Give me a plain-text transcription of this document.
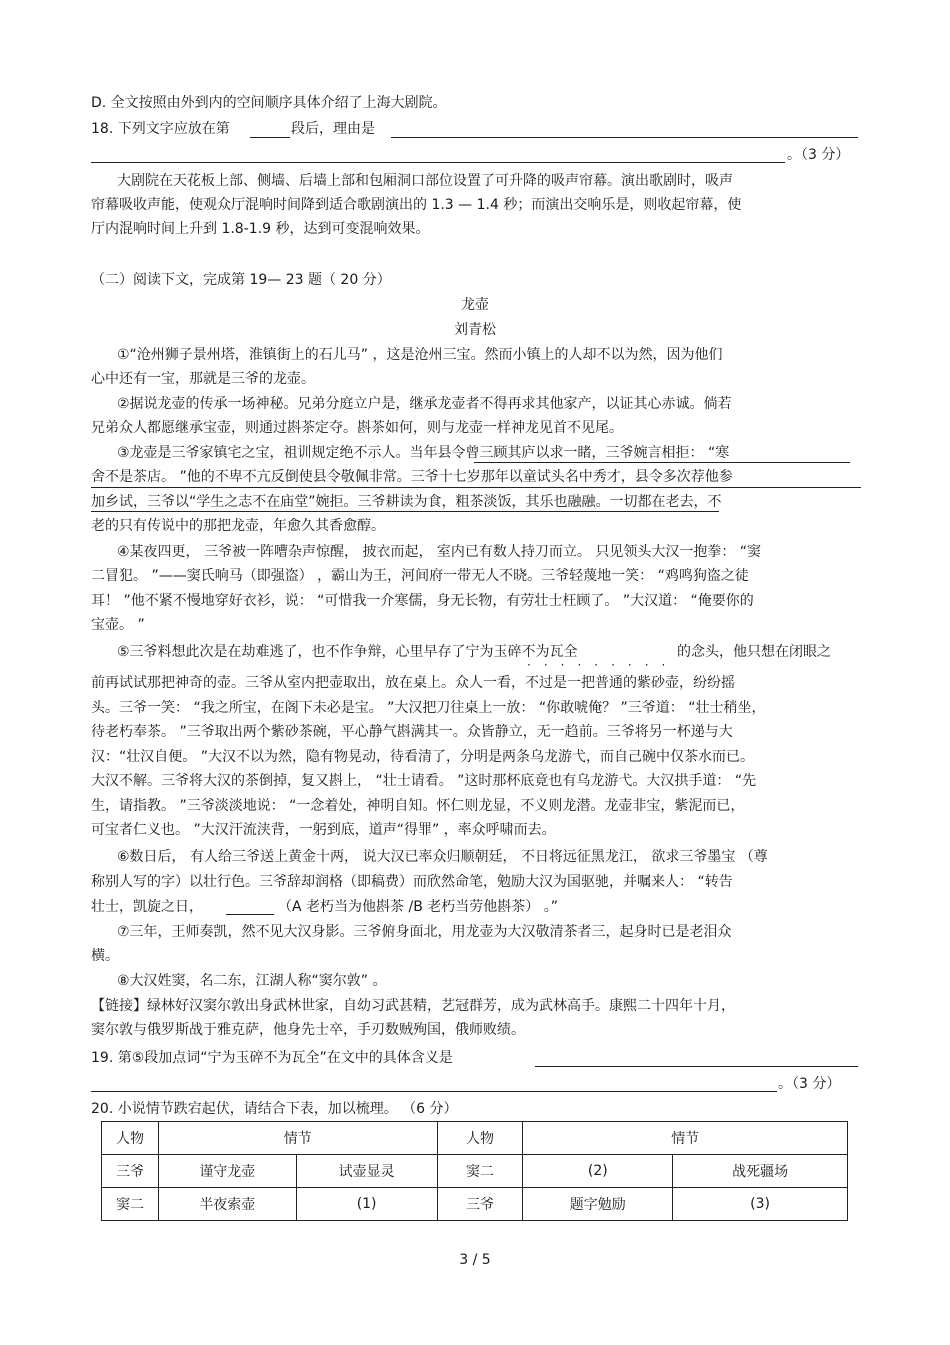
D. 全文按照由外到内的空间顺序具体介绍了上海大剧院。
18. 下列文字应放在第	段后，理由是
。（3 分）
大剧院在天花板上部、侧墙、后墙上部和包厢洞口部位设置了可升降的吸声帘幕。演出歌剧时，吸声
帘幕吸收声能，使观众厅混响时间降到适合歌剧演出的 1.3 — 1.4 秒；而演出交响乐是，则收起帘幕，使
厅内混响时间上升到 1.8-1.9 秒，达到可变混响效果。
（二）阅读下文，完成第 19— 23 题（ 20 分）
龙壶
刘青松
①“沧州狮子景州塔，淮镇街上的石儿马” ，这是沧州三宝。然而小镇上的人却不以为然，因为他们
心中还有一宝，那就是三爷的龙壶。
②据说龙壶的传承一场神秘。兄弟分庭立户是，继承龙壶者不得再求其他家产，以证其心赤诚。倘若
兄弟众人都愿继承宝壶，则通过斟茶定夺。斟茶如何，则与龙壶一样神龙见首不见尾。
③龙壶是三爷家镇宅之宝，祖训规定绝不示人。当年县令曾三顾其庐以求一睹，三爷婉言相拒： “寒
舍不是茶店。 ”他的不卑不亢反倒使县令敬佩非常。三爷十七岁那年以童试头名中秀才，县令多次荐他参
加乡试，三爷以“学生之志不在庙堂”婉拒。三爷耕读为食，粗茶淡饭，其乐也融融。一切都在老去，不
老的只有传说中的那把龙壶，年愈久其香愈醇。
④某夜四更， 三爷被一阵嘈杂声惊醒， 披衣而起， 室内已有数人持刀而立。 只见领头大汉一抱拳： “窦
二冒犯。 ”——窦氏响马（即强盗） ，霸山为王，河间府一带无人不晓。三爷轻蔑地一笑： “鸡鸣狗盗之徒
耳！ ”他不紧不慢地穿好衣衫，说： “可惜我一介寒儒，身无长物，有劳壮士枉顾了。 ”大汉道： “俺要你的
宝壶。 ”
⑤三爷料想此次是在劫难逃了，也不作争辩，心里早存了宁为玉碎不为瓦全	的念头，他只想在闭眼之
·········
前再试试那把神奇的壶。三爷从室内把壶取出，放在桌上。众人一看，不过是一把普通的紫砂壶，纷纷摇
头。三爷一笑： “我之所宝，在阁下未必是宝。 ”大汉把刀往桌上一放： “你敢唬俺？ ”三爷道： “壮士稍坐，
待老朽奉茶。 ”三爷取出两个紫砂茶碗，平心静气斟满其一。众皆静立，无一趋前。三爷将另一杯递与大
汉：“壮汉自便。 ”大汉不以为然，隐有物晃动，待看清了，分明是两条乌龙游弋，而自己碗中仅茶水而已。
大汉不解。三爷将大汉的茶倒掉，复又斟上， “壮士请看。 ”这时那杯底竟也有乌龙游弋。大汉拱手道： “先
生，请指教。 ”三爷淡淡地说： “一念着处，神明自知。怀仁则龙显，不义则龙潜。龙壶非宝，紫泥而已，
可宝者仁义也。 ”大汉汗流浃背，一躬到底，道声“得罪” ，率众呼啸而去。
⑥数日后， 有人给三爷送上黄金十两， 说大汉已率众归顺朝廷， 不日将远征黑龙江， 欲求三爷墨宝 （尊
称别人写的字）以壮行色。三爷辞却润格（即稿费）而欣然命笔，勉励大汉为国驱驰，并嘱来人： “转告
壮士，凯旋之日，	（A 老朽当为他斟茶 /B 老朽当劳他斟茶） 。”
⑦三年，王师奏凯，然不见大汉身影。三爷俯身面北，用龙壶为大汉敬清茶者三，起身时已是老泪众
横。
⑧大汉姓窦，名二东，江湖人称“窦尔敦” 。
【链接】绿林好汉窦尔敦出身武林世家，自幼习武甚精，艺冠群芳，成为武林高手。康熙二十四年十月，
窦尔敦与俄罗斯战于雅克萨，他身先士卒，手刃数贼殉国，俄师败绩。
19. 第⑤段加点词“宁为玉碎不为瓦全”在文中的具体含义是
。（3 分）
20. 小说情节跌宕起伏，请结合下表，加以梳理。 （6 分）
人物	情节		人物	情节	
三爷	谨守龙壶	试壶显灵	窦二	(2)	战死疆场
窦二	半夜索壶	(1)	三爷	题字勉励	(3)
3 / 5
